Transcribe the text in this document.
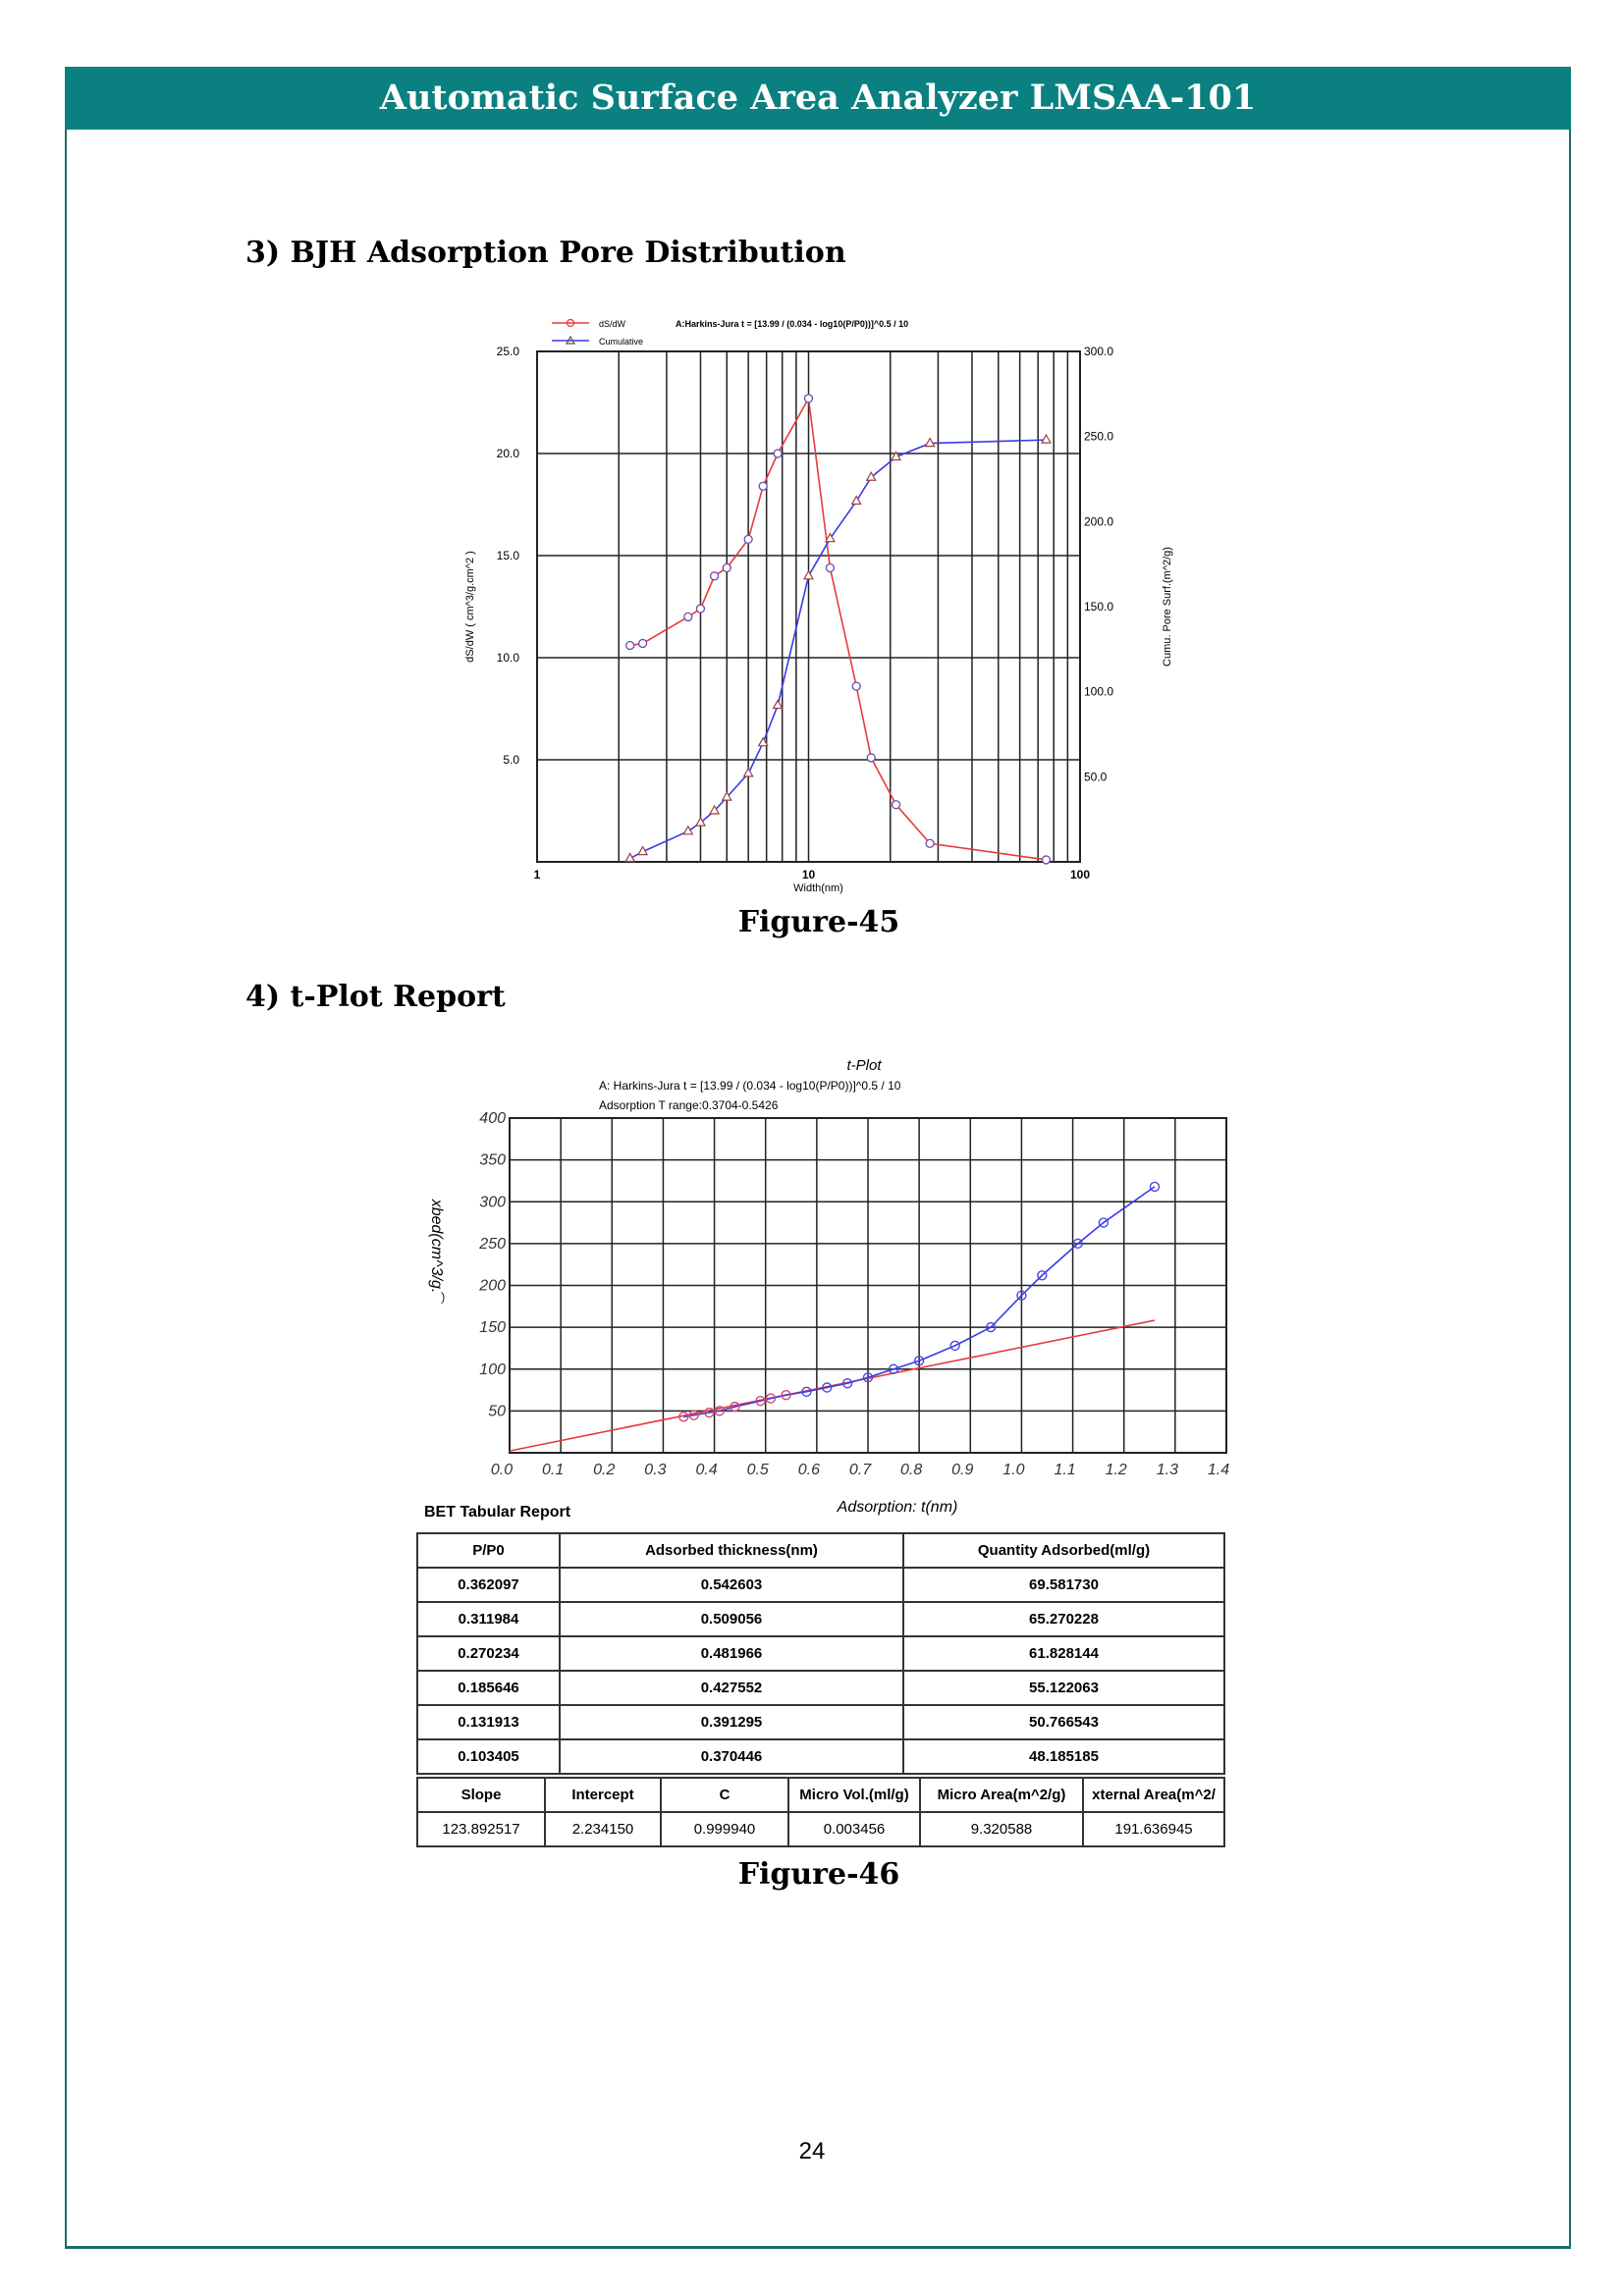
Automatic Surface Area Analyzer LMSAA-101
3) BJH Adsorption Pore Distribution
5.0
10.0
15.0
20.0
25.0
50.0
100.0
150.0
200.0
250.0
300.0
1	10	100
Width(nm)
dS/dW ( cm^3/g.cm^2 )	Cumu. Pore Surf.(m^2/g)
dS/dW
Cumulative
A:Harkins-Jura t = [13.99 / (0.034 - log10(P/P0))]^0.5 / 10
Figure-45
4) t-Plot Report
t-Plot
A: Harkins-Jura t = [13.99 / (0.034 - log10(P/P0))]^0.5 / 10
Adsorption T range:0.3704-0.5426
50
100
150
200
250
300
350
400
0.0 0.1 0.2 0.3 0.4 0.5 0.6 0.7 0.8 0.9 1.0 1.1 1.2 1.3 1.4
Adsorption: t(nm)
xbed(cm^3/g.͡
BET Tabular Report
P/P0	Adsorbed thickness(nm)	Quantity Adsorbed(ml/g)
0.362097	0.542603	69.581730
0.311984	0.509056	65.270228
0.270234	0.481966	61.828144
0.185646	0.427552	55.122063
0.131913	0.391295	50.766543
0.103405	0.370446	48.185185
Slope	Intercept	C	Micro Vol.(ml/g)	Micro Area(m^2/g)	xternal Area(m^2/
123.892517	2.234150	0.999940	0.003456	9.320588	191.636945
Figure-46
24
